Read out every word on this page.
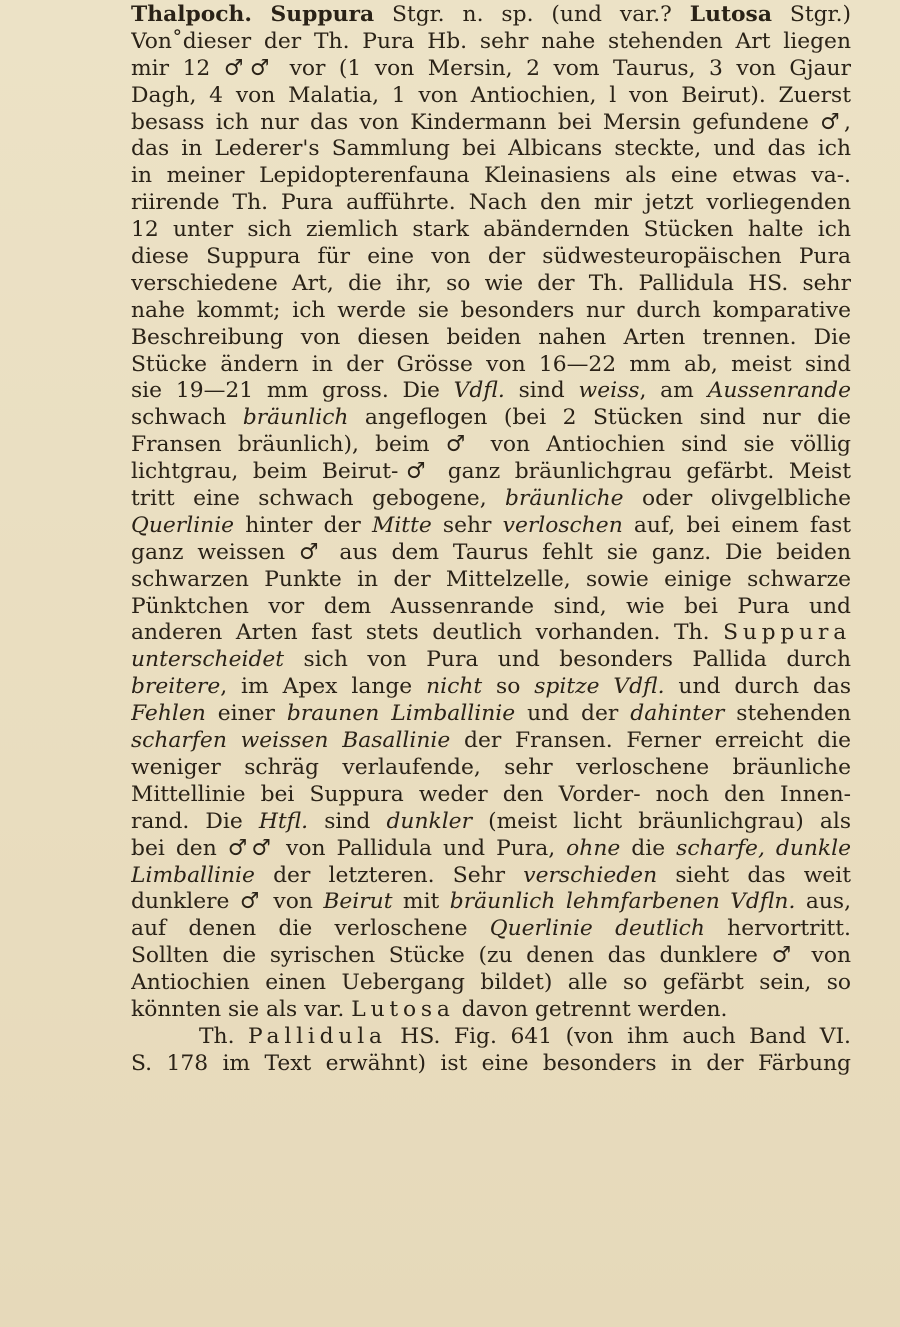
Thalpoch. Suppura Stgr. n. sp. (und var.? Lutosa Stgr.)
Von˚dieser der Th. Pura Hb. sehr nahe stehenden Art liegen
mir 12 ♂♂ vor (1 von Mersin, 2 vom Taurus, 3 von Gjaur
Dagh, 4 von Malatia, 1 von Antiochien, l von Beirut). Zuerst
besass ich nur das von Kindermann bei Mersin gefundene ♂,
das in Lederer's Sammlung bei Albicans steckte, und das ich
in meiner Lepidopterenfauna Kleinasiens als eine etwas va-.
riirende Th. Pura aufführte. Nach den mir jetzt vorliegenden
12 unter sich ziemlich stark abändernden Stücken halte ich
diese Suppura für eine von der südwesteuropäischen Pura
verschiedene Art, die ihr, so wie der Th. Pallidula HS. sehr
nahe kommt; ich werde sie besonders nur durch komparative
Beschreibung von diesen beiden nahen Arten trennen. Die
Stücke ändern in der Grösse von 16—22 mm ab, meist sind
sie 19—21 mm gross. Die Vdfl. sind weiss, am Aussenrande
schwach bräunlich angeflogen (bei 2 Stücken sind nur die
Fransen bräunlich), beim ♂ von Antiochien sind sie völlig
lichtgrau, beim Beirut-♂ ganz bräunlichgrau gefärbt. Meist
tritt eine schwach gebogene, bräunliche oder olivgelbliche
Querlinie hinter der Mitte sehr verloschen auf, bei einem fast
ganz weissen ♂ aus dem Taurus fehlt sie ganz. Die beiden
schwarzen Punkte in der Mittelzelle, sowie einige schwarze
Pünktchen vor dem Aussenrande sind, wie bei Pura und
anderen Arten fast stets deutlich vorhanden. Th. Suppura
unterscheidet sich von Pura und besonders Pallida durch
breitere, im Apex lange nicht so spitze Vdfl. und durch das
Fehlen einer braunen Limballinie und der dahinter stehenden
scharfen weissen Basallinie der Fransen. Ferner erreicht die
weniger schräg verlaufende, sehr verloschene bräunliche
Mittellinie bei Suppura weder den Vorder- noch den Innen-
rand. Die Htfl. sind dunkler (meist licht bräunlichgrau) als
bei den ♂♂ von Pallidula und Pura, ohne die scharfe, dunkle
Limballinie der letzteren. Sehr verschieden sieht das weit
dunklere ♂ von Beirut mit bräunlich lehmfarbenen Vdfln. aus,
auf denen die verloschene Querlinie deutlich hervortritt.
Sollten die syrischen Stücke (zu denen das dunklere ♂ von
Antiochien einen Uebergang bildet) alle so gefärbt sein, so
könnten sie als var. Lutosa davon getrennt werden.
Th. Pallidula HS. Fig. 641 (von ihm auch Band VI.
S. 178 im Text erwähnt) ist eine besonders in der Färbung
